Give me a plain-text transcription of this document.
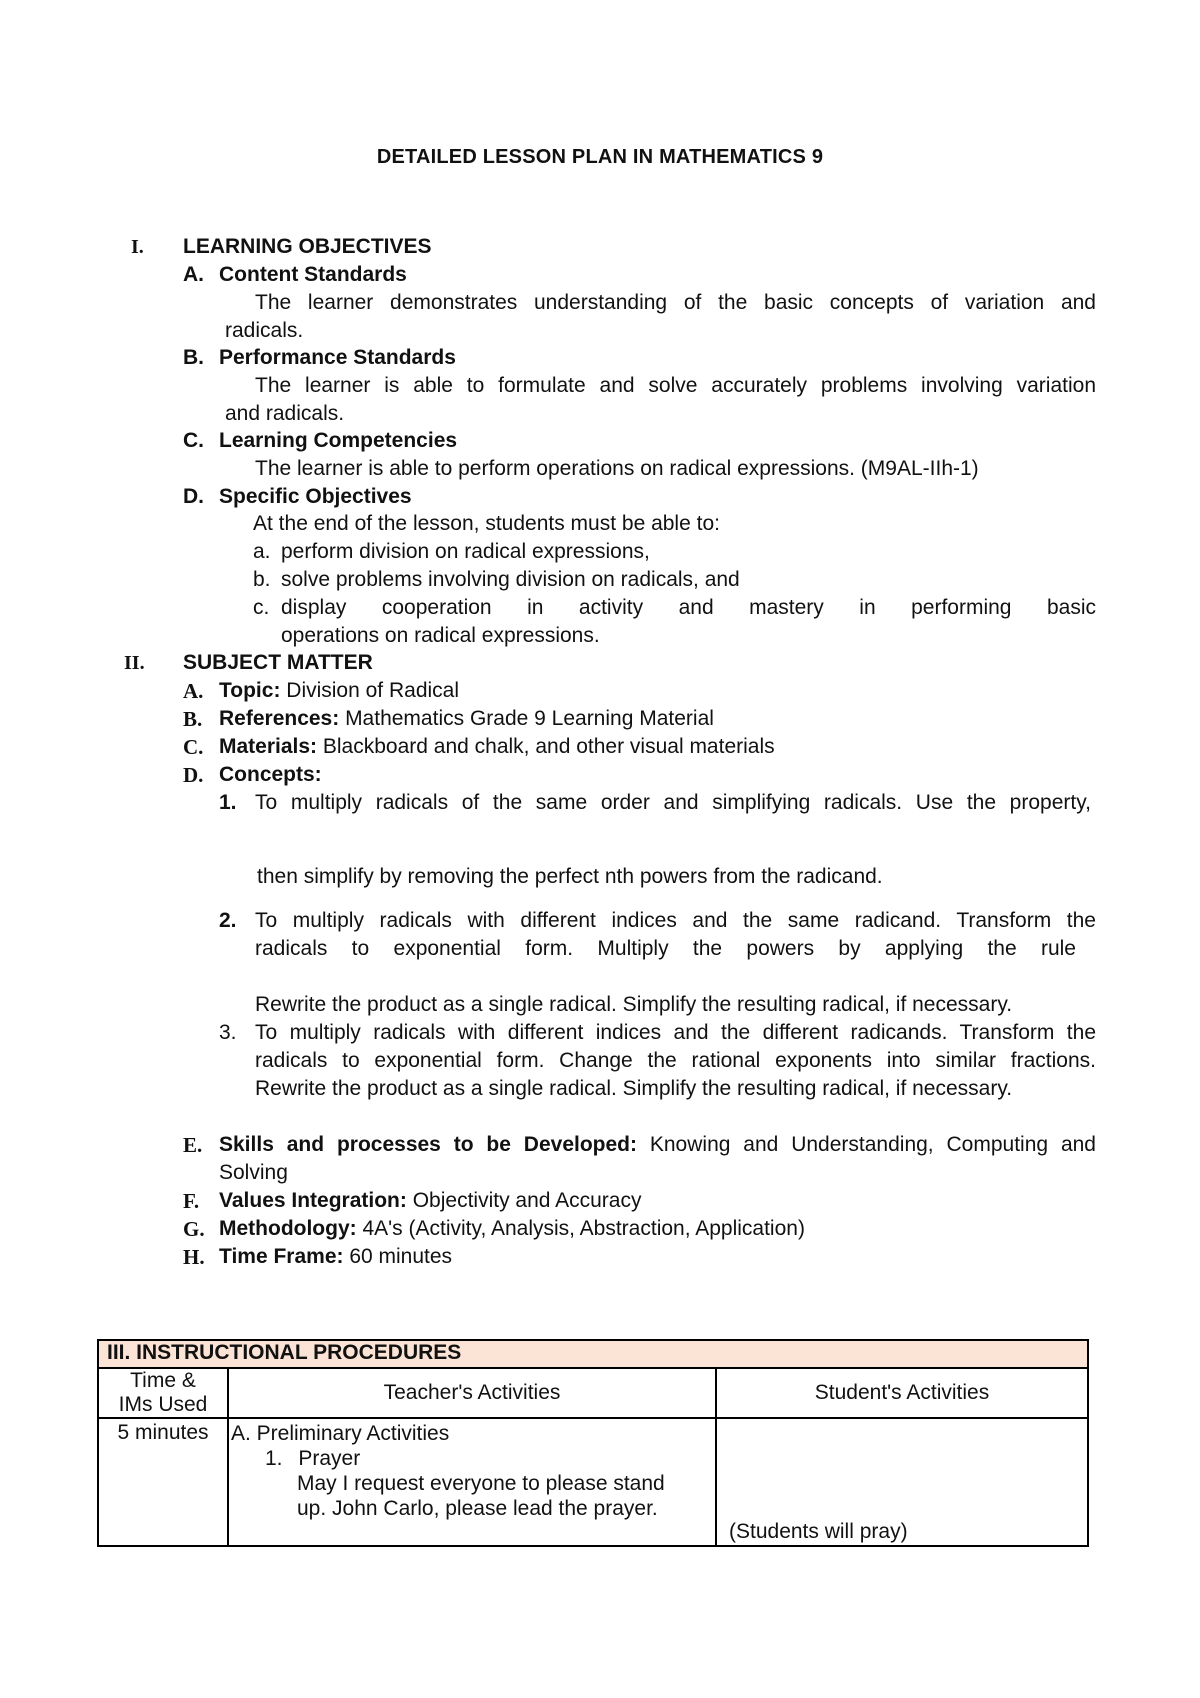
DETAILED LESSON PLAN IN MATHEMATICS 9
I. LEARNING OBJECTIVES
A. Content Standards
The learner demonstrates understanding of the basic concepts of variation and
radicals.
B. Performance Standards
The learner is able to formulate and solve accurately problems involving variation
and radicals.
C. Learning Competencies
The learner is able to perform operations on radical expressions. (M9AL-IIh-1)
D. Specific Objectives
At the end of the lesson, students must be able to:
a. perform division on radical expressions,
b. solve problems involving division on radicals, and
c. display cooperation in activity and mastery in performing basic
operations on radical expressions.
II. SUBJECT MATTER
A. Topic: Division of Radical
B. References: Mathematics Grade 9 Learning Material
C. Materials: Blackboard and chalk, and other visual materials
D. Concepts:
1. To multiply radicals of the same order and simplifying radicals. Use the property,
then simplify by removing the perfect nth powers from the radicand.
2. To multiply radicals with different indices and the same radicand. Transform the
radicals to exponential form. Multiply the powers by applying the rule
Rewrite the product as a single radical. Simplify the resulting radical, if necessary.
3. To multiply radicals with different indices and the different radicands. Transform the
radicals to exponential form. Change the rational exponents into similar fractions.
Rewrite the product as a single radical. Simplify the resulting radical, if necessary.
E. Skills and processes to be Developed: Knowing and Understanding, Computing and
Solving
F. Values Integration: Objectivity and Accuracy
G. Methodology: 4A's (Activity, Analysis, Abstraction, Application)
H. Time Frame: 60 minutes
III. INSTRUCTIONAL PROCEDURES		

Time &
IMs Used	Teacher's Activities	Student's Activities
5 minutes	A. Preliminary Activities
1. Prayer
May I request everyone to please stand
up. John Carlo, please lead the prayer.	(Students will pray)
